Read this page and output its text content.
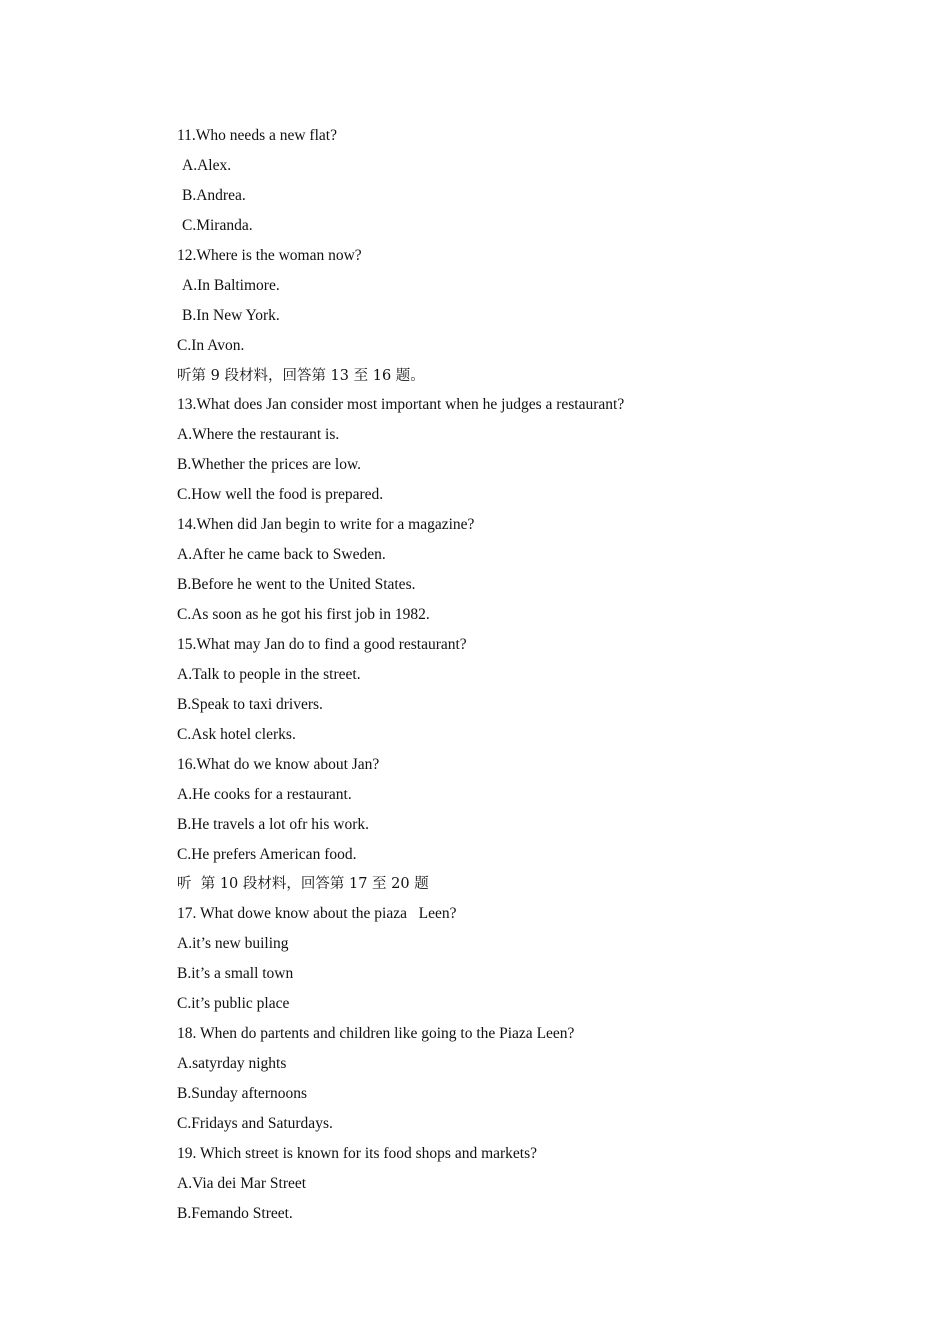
11.Who needs a new flat?
A.Alex.
B.Andrea.
C.Miranda.
12.Where is the woman now?
A.In Baltimore.
B.In New York.
C.In Avon.
听第 9 段材料，回答第 13 至 16 题。
13.What does Jan consider most important when he judges a restaurant?
A.Where the restaurant is.
B.Whether the prices are low.
C.How well the food is prepared.
14.When did Jan begin to write for a magazine?
A.After he came back to Sweden.
B.Before he went to the United States.
C.As soon as he got his first job in 1982.
15.What may Jan do to find a good restaurant?
A.Talk to people in the street.
B.Speak to taxi drivers.
C.Ask hotel clerks.
16.What do we know about Jan?
A.He cooks for a restaurant.
B.He travels a lot ofr his work.
C.He prefers American food.
听  第 10 段材料，回答第 17 至 20 题
17. What dowe know about the piaza   Leen?
A.it’s new builing
B.it’s a small town
C.it’s public place
18. When do partents and children like going to the Piaza Leen?
A.satyrday nights
B.Sunday afternoons
C.Fridays and Saturdays.
19. Which street is known for its food shops and markets?
A.Via dei Mar Street
B.Femando Street.
